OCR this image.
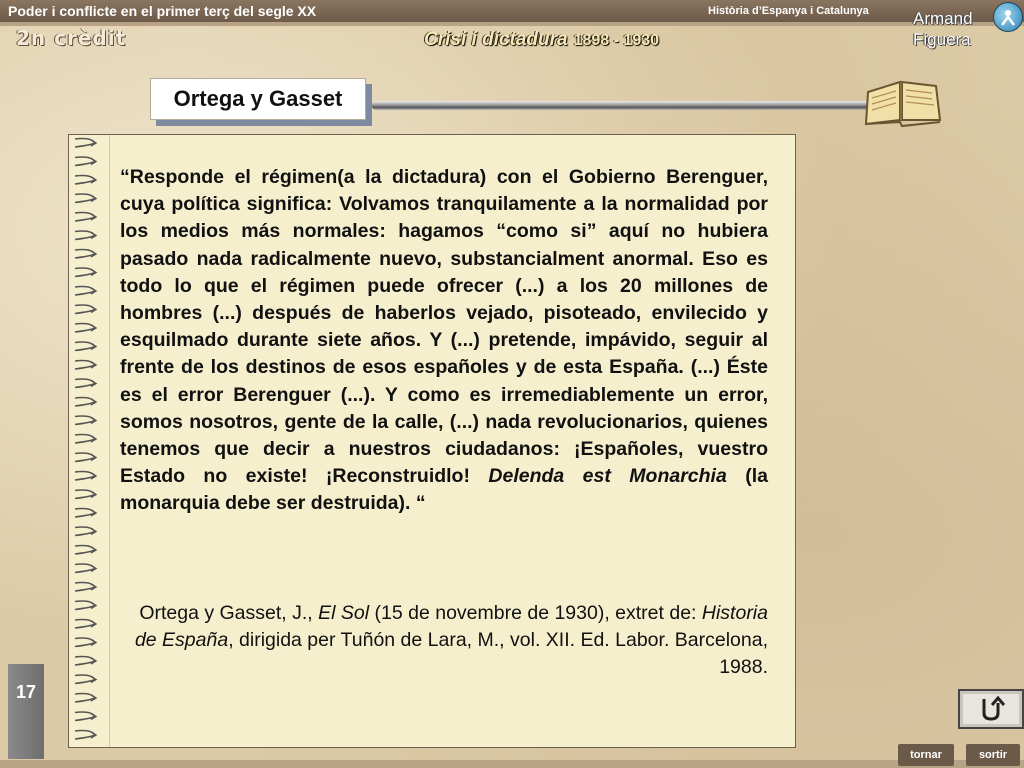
Poder i conflicte en el primer terç del segle XX	Història d’Espanya i Catalunya
2n crèdit	Crisi i dictadura 1898 - 1930
Armand
Figuera
Ortega y Gasset
“Responde el régimen(a la dictadura) con el Gobierno Berenguer, cuya política significa: Volvamos tranquilamente a la normalidad por los medios más normales: hagamos “como si” aquí no hubiera pasado nada radicalmente nuevo, substancialment anormal. Eso es todo lo que el régimen puede ofrecer (...) a los 20 millones de hombres (...) después de haberlos vejado, pisoteado, envilecido y esquilmado durante siete años. Y (...) pretende, impávido, seguir al frente de los destinos de esos españoles y de esta España. (...) Éste es el error Berenguer (...). Y como es irremediablemente un error, somos nosotros, gente de la calle, (...) nada revolucionarios, quienes tenemos que decir a nuestros ciudadanos: ¡Españoles, vuestro Estado no existe! ¡Reconstruidlo! Delenda est Monarchia (la monarquia debe ser destruida). “
Ortega y Gasset, J., El Sol (15 de novembre de 1930), extret de: Historia de España, dirigida per Tuñón de Lara, M., vol. XII. Ed. Labor. Barcelona, 1988.
17
tornar	sortir
